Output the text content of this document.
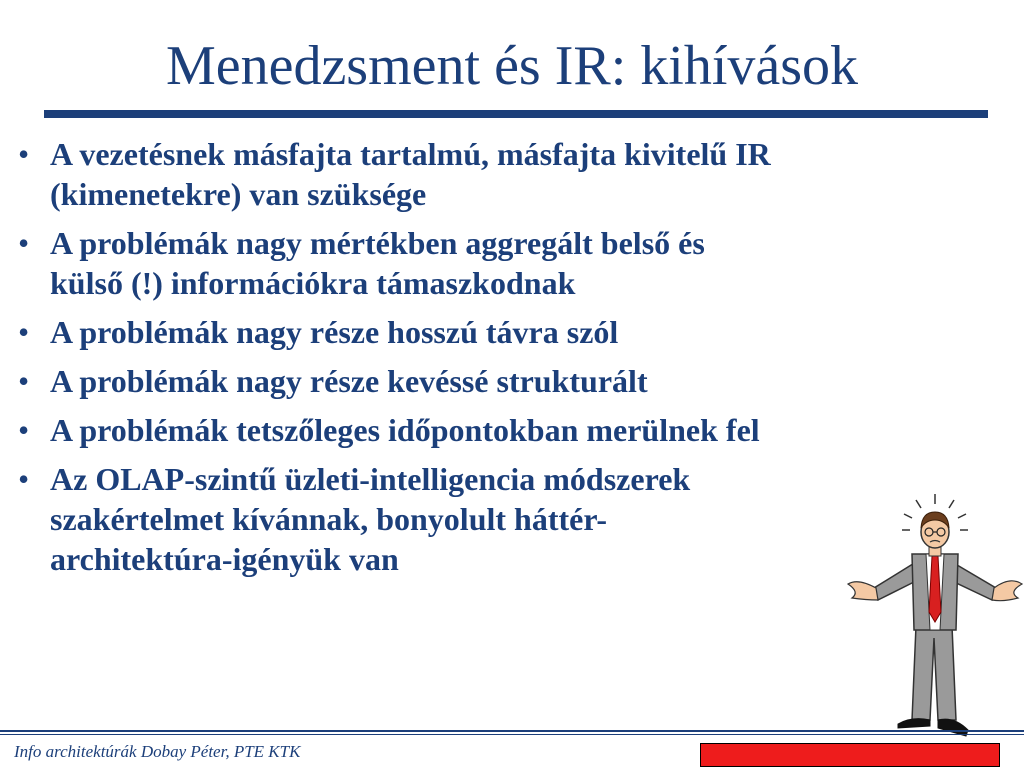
Menedzsment és IR: kihívások
• A vezetésnek másfajta tartalmú, másfajta kivitelű IR
(kimenetekre) van szüksége
• A problémák nagy mértékben aggregált belső és
külső (!) információkra támaszkodnak
• A problémák nagy része hosszú távra szól
• A problémák nagy része kevéssé strukturált
• A problémák tetszőleges időpontokban merülnek fel
• Az OLAP-szintű üzleti-intelligencia módszerek
szakértelmet kívánnak, bonyolult háttér-
architektúra-igényük van
Info architektúrák Dobay Péter, PTE KTK
